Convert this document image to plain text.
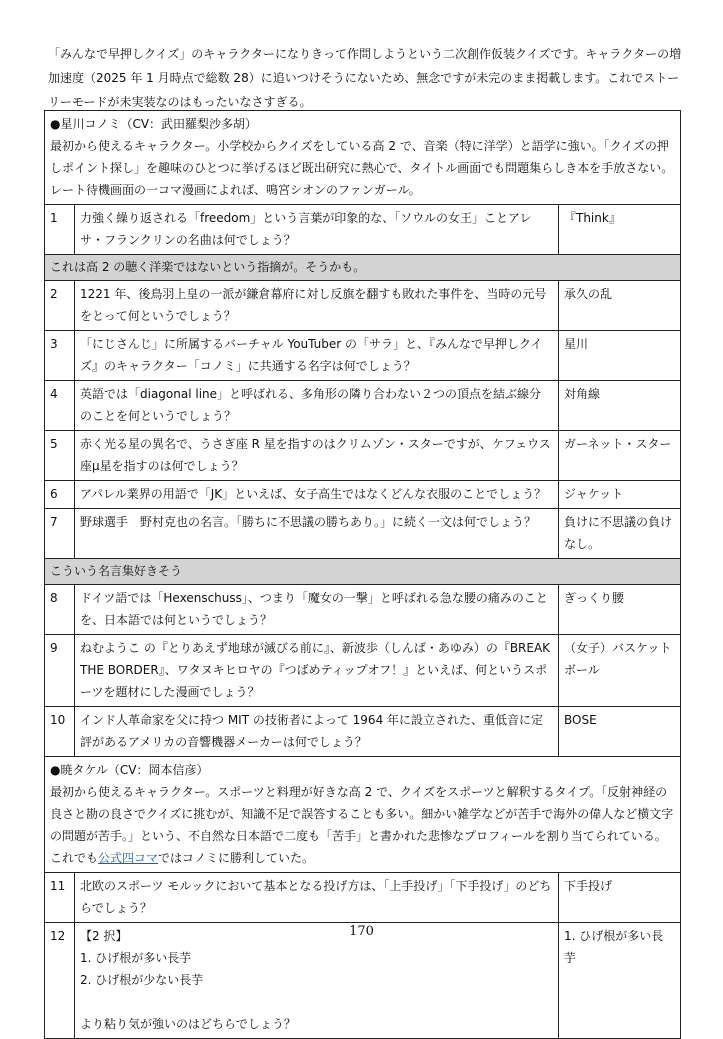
「みんなで早押しクイズ」のキャラクターになりきって作問しようという二次創作仮装クイズです。キャラクターの増加速度（2025 年 1 月時点で総数 28）に追いつけそうにないため、無念ですが未完のまま掲載します。これでストーリーモードが未実装なのはもったいなさすぎる。

●星川コノミ（CV：武田羅梨沙多胡）
最初から使えるキャラクター。小学校からクイズをしている高 2 で、音楽（特に洋学）と語学に強い。「クイズの押しポイント探し」を趣味のひとつに挙げるほど既出研究に熱心で、タイトル画面でも問題集らしき本を手放さない。レート待機画面の一コマ漫画によれば、鳴宮シオンのファンガール。		
1	力強く繰り返される「freedom」という言葉が印象的な、「ソウルの女王」ことアレサ・フランクリンの名曲は何でしょう？	『Think』
これは高 2 の聴く洋楽ではないという指摘が。そうかも。		
2	1221 年、後鳥羽上皇の一派が鎌倉幕府に対し反旗を翻すも敗れた事件を、当時の元号をとって何というでしょう？	承久の乱
3	「にじさんじ」に所属するバーチャル YouTuber の「サラ」と、『みんなで早押しクイズ』のキャラクター「コノミ」に共通する名字は何でしょう？	星川
4	英語では「diagonal line」と呼ばれる、多角形の隣り合わない２つの頂点を結ぶ線分のことを何というでしょう？	対角線
5	赤く光る星の異名で、うさぎ座 R 星を指すのはクリムゾン・スターですが、ケフェウス座μ星を指すのは何でしょう？	ガーネット・スター
6	アパレル業界の用語で「JK」といえば、女子高生ではなくどんな衣服のことでしょう？	ジャケット
7	野球選手　野村克也の名言。「勝ちに不思議の勝ちあり。」に続く一文は何でしょう？	負けに不思議の負けなし。
こういう名言集好きそう		
8	ドイツ語では「Hexenschuss」、つまり「魔女の一撃」と呼ばれる急な腰の痛みのことを、日本語では何というでしょう？	ぎっくり腰
9	ねむようこ の『とりあえず地球が滅びる前に』、新波歩（しんば・あゆみ）の『BREAK THE BORDER』、ワタヌキヒロヤの『つばめティップオフ！』といえば、何というスポーツを題材にした漫画でしょう？	（女子）バスケットボール
10	インド人革命家を父に持つ MIT の技術者によって 1964 年に設立された、重低音に定評があるアメリカの音響機器メーカーは何でしょう？	BOSE

●暁タケル（CV：岡本信彦）
最初から使えるキャラクター。スポーツと料理が好きな高 2 で、クイズをスポーツと解釈するタイプ。「反射神経の良さと勘の良さでクイズに挑むが、知識不足で誤答することも多い。細かい雑学などが苦手で海外の偉人など横文字の問題が苦手。」という、不自然な日本語で二度も「苦手」と書かれた悲惨なプロフィールを割り当てられている。これでも公式四コマではコノミに勝利していた。		
11	北欧のスポーツ モルックにおいて基本となる投げ方は、「上手投げ」「下手投げ」のどちらでしょう？	下手投げ
12	【2 択】
1. ひげ根が多い長芋
2. ひげ根が少ない長芋
より粘り気が強いのはどちらでしょう？	1. ひげ根が多い長芋
170
